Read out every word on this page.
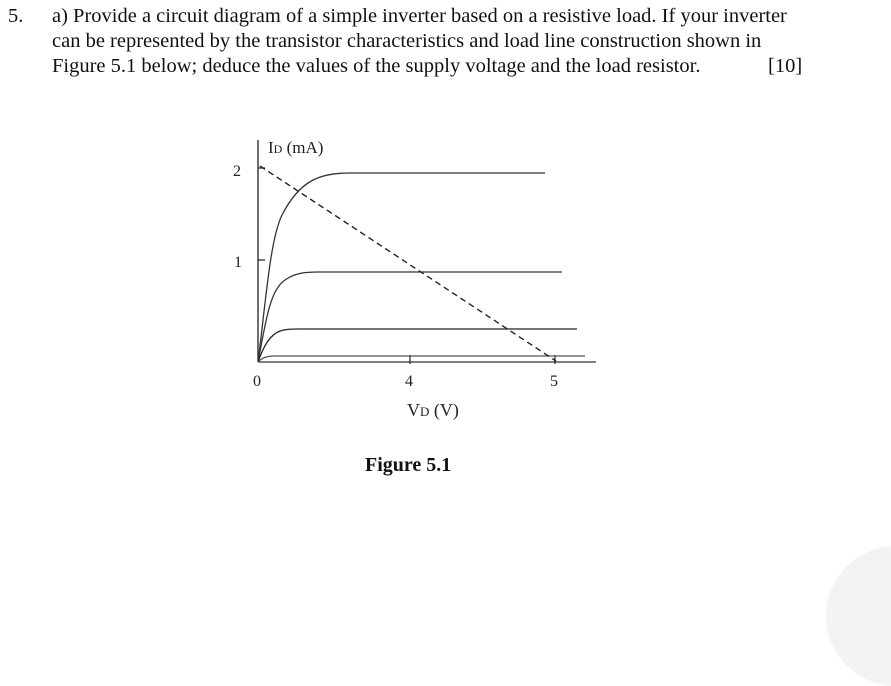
5. a) Provide a circuit diagram of a simple inverter based on a resistive load. If your inverter
can be represented by the transistor characteristics and load line construction shown in
Figure 5.1 below; deduce the values of the supply voltage and the load resistor.	[10]
2
1
0	4	5
ID (mA)
VD (V)
Figure 5.1
